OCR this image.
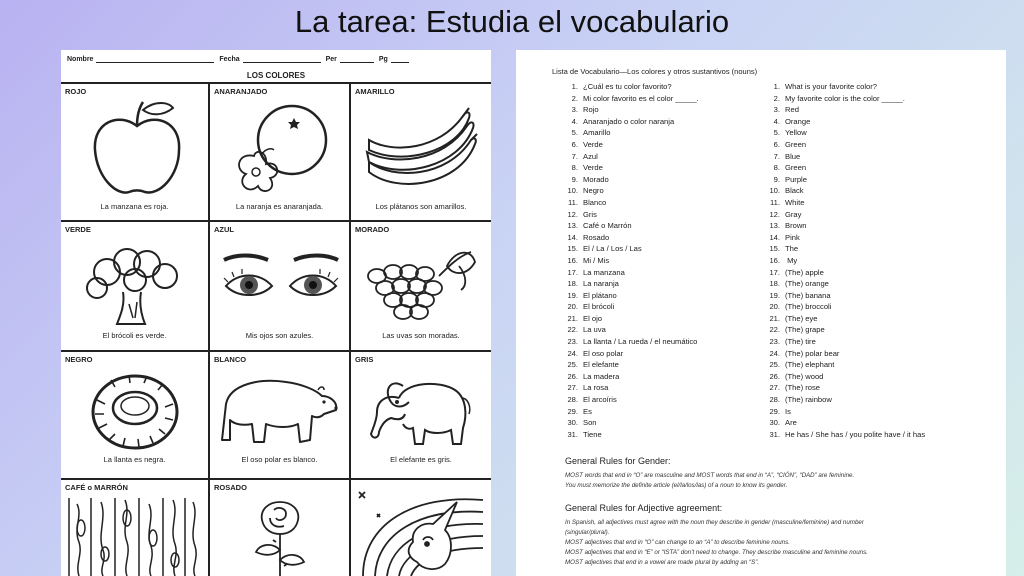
La tarea: Estudia el vocabulario
Nombre	Fecha	Per	Pg
LOS COLORES
ROJO
La manzana es roja.
ANARANJADO
La naranja es anaranjada.
AMARILLO
Los plátanos son amarillos.
VERDE
El brócoli es verde.
AZUL
Mis ojos son azules.
MORADO
Las uvas son moradas.
NEGRO
La llanta es negra.
BLANCO
El oso polar es blanco.
GRIS
El elefante es gris.
CAFÉ o MARRÓN	ROSADO
Lista de Vocabulario—Los colores y otros sustantivos (nouns)
1. ¿Cuál es tu color favorito?
2. Mi color favorito es el color _____.
3. Rojo
4. Anaranjado o color naranja
5. Amarillo
6. Verde
7. Azul
8. Verde
9. Morado
10. Negro
11. Blanco
12. Gris
13. Café o Marrón
14. Rosado
15. El / La / Los / Las
16. Mi / Mis
17. La manzana
18. La naranja
19. El plátano
20. El brócoli
21. El ojo
22. La uva
23. La llanta / La rueda / el neumático
24. El oso polar
25. El elefante
26. La madera
27. La rosa
28. El arcoíris
29. Es
30. Son
31. Tiene
1. What is your favorite color?
2. My favorite color is the color _____.
3. Red
4. Orange
5. Yellow
6. Green
7. Blue
8. Green
9. Purple
10. Black
11. White
12. Gray
13. Brown
14. Pink
15. The
16. My
17. (The) apple
18. (The) orange
19. (The) banana
20. (The) broccoli
21. (The) eye
22. (The) grape
23. (The) tire
24. (The) polar bear
25. (The) elephant
26. (The) wood
27. (The) rose
28. (The) rainbow
29. Is
30. Are
31. He has / She has / you polite have / it has
General Rules for Gender:
MOST words that end in “O” are masculine and MOST words that end in “A”, “CIÓN”, “DAD” are feminine.
You must memorize the definite article (el/la/los/las) of a noun to know its gender.
General Rules for Adjective agreement:
In Spanish, all adjectives must agree with the noun they describe in gender (masculine/feminine) and number
(singular/plural).
MOST adjectives that end in “O” can change to an “A” to describe feminine nouns.
MOST adjectives that end in “E” or “ISTA” don’t need to change. They describe masculine and feminine nouns.
MOST adjectives that end in a vowel are made plural by adding an “S”.
